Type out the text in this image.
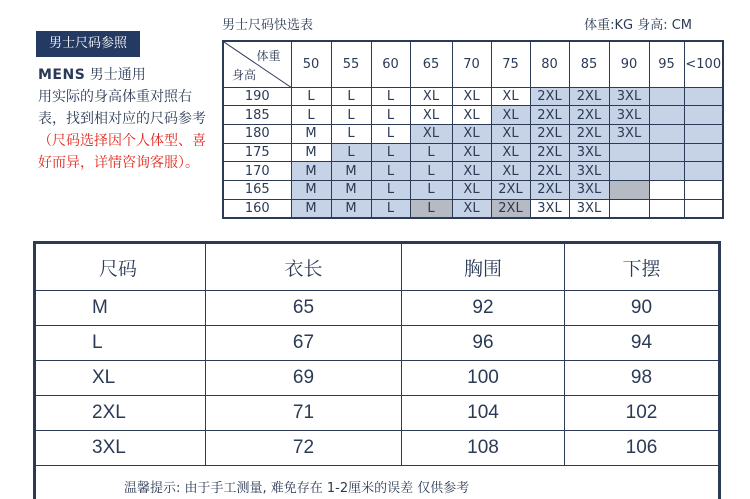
男士尺码参照
MENS 男士通用
用实际的身高体重对照右表，找到相对应的尺码参考（尺码选择因个人体型、喜好而异，详情咨询客服）。
男士尺码快选表	体重:KG 身高: CM
体重
身高	50	55	60	65	70	75	80	85	90	95	<100
190	L	L	L	XL	XL	XL	2XL	2XL	3XL		
185	L	L	L	XL	XL	XL	2XL	2XL	3XL		
180	M	L	L	XL	XL	XL	2XL	2XL	3XL		
175	M	L	L	L	XL	XL	2XL	3XL			
170	M	M	L	L	XL	XL	2XL	3XL			
165	M	M	L	L	XL	2XL	2XL	3XL			
160	M	M	L	L	XL	2XL	3XL	3XL			
尺码	衣长	胸围	下摆
M	65	92	90
L	67	96	94
XL	69	100	98
2XL	71	104	102
3XL	72	108	106
温馨提示: 由于手工测量, 难免存在 1-2厘米的误差 仅供参考			
